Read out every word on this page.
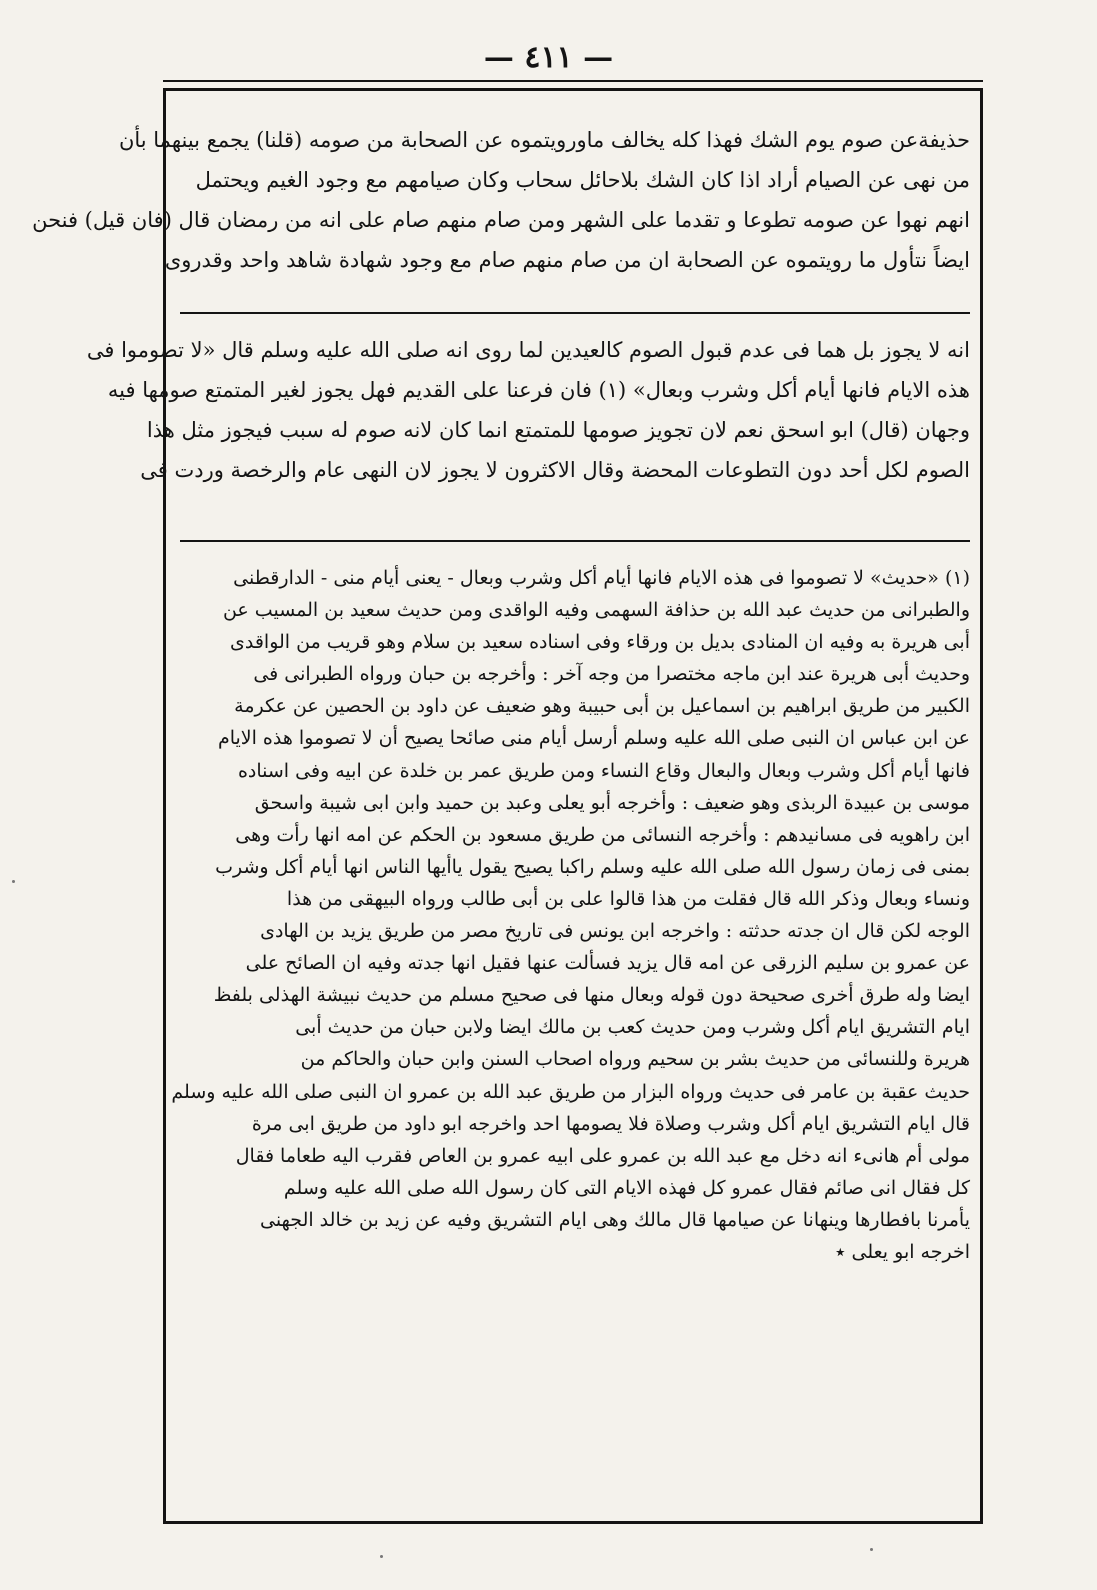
— ٤١١ —
حذيفةعن صوم يوم الشك فهذا كله يخالف ماورويتموه عن الصحابة من صومه (قلنا) يجمع بينهما بأن
من نهى عن الصيام أراد اذا كان الشك بلاحائل سحاب وكان صيامهم مع وجود الغيم ويحتمل
انهم نهوا عن صومه تطوعا و تقدما على الشهر ومن صام منهم صام على انه من رمضان قال (فان قيل) فنحن
ايضاً نتأول ما رويتموه عن الصحابة ان من صام منهم صام مع وجود شهادة شاهد واحد وقدروى
انه لا يجوز بل هما فى عدم قبول الصوم كالعيدين لما روى انه صلى الله عليه وسلم قال «لا تصوموا فى
هذه الايام فانها أيام أكل وشرب وبعال» (١) فان فرعنا على القديم فهل يجوز لغير المتمتع صومها فيه
وجهان (قال) ابو اسحق نعم لان تجويز صومها للمتمتع انما كان لانه صوم له سبب فيجوز مثل هذا
الصوم لكل أحد دون التطوعات المحضة وقال الاكثرون لا يجوز لان النهى عام والرخصة وردت فى
(١) «حديث» لا تصوموا فى هذه الايام فانها أيام أكل وشرب وبعال - يعنى أيام منى - الدارقطنى
والطبرانى من حديث عبد الله بن حذافة السهمى وفيه الواقدى ومن حديث سعيد بن المسيب عن
أبى هريرة به وفيه ان المنادى بديل بن ورقاء وفى اسناده سعيد بن سلام وهو قريب من الواقدى
وحديث أبى هريرة عند ابن ماجه مختصرا من وجه آخر : وأخرجه بن حبان ورواه الطبرانى فى
الكبير من طريق ابراهيم بن اسماعيل بن أبى حبيبة وهو ضعيف عن داود بن الحصين عن عكرمة
عن ابن عباس ان النبى صلى الله عليه وسلم أرسل أيام منى صائحا يصيح أن لا تصوموا هذه الايام
فانها أيام أكل وشرب وبعال والبعال وقاع النساء ومن طريق عمر بن خلدة عن ابيه وفى اسناده
موسى بن عبيدة الربذى وهو ضعيف : وأخرجه أبو يعلى وعبد بن حميد وابن ابى شيبة واسحق
ابن راهويه فى مسانيدهم : وأخرجه النسائى من طريق مسعود بن الحكم عن امه انها رأت وهى
بمنى فى زمان رسول الله صلى الله عليه وسلم راكبا يصيح يقول ياأيها الناس انها أيام أكل وشرب
ونساء وبعال وذكر الله قال فقلت من هذا قالوا على بن أبى طالب ورواه البيهقى من هذا
الوجه لكن قال ان جدته حدثته : واخرجه ابن يونس فى تاريخ مصر من طريق يزيد بن الهادى
عن عمرو بن سليم الزرقى عن امه قال يزيد فسألت عنها فقيل انها جدته وفيه ان الصائح على
ايضا وله طرق أخرى صحيحة دون قوله وبعال منها فى صحيح مسلم من حديث نبيشة الهذلى بلفظ
ايام التشريق ايام أكل وشرب ومن حديث كعب بن مالك ايضا ولابن حبان من حديث أبى
هريرة وللنسائى من حديث بشر بن سحيم ورواه اصحاب السنن وابن حبان والحاكم من
حديث عقبة بن عامر فى حديث ورواه البزار من طريق عبد الله بن عمرو ان النبى صلى الله عليه وسلم
قال ايام التشريق ايام أكل وشرب وصلاة فلا يصومها احد واخرجه ابو داود من طريق ابى مرة
مولى أم هانىء انه دخل مع عبد الله بن عمرو على ابيه عمرو بن العاص فقرب اليه طعاما فقال
كل فقال انى صائم فقال عمرو كل فهذه الايام التى كان رسول الله صلى الله عليه وسلم
يأمرنا بافطارها وينهانا عن صيامها قال مالك وهى ايام التشريق وفيه عن زيد بن خالد الجهنى
اخرجه ابو يعلى ٭
